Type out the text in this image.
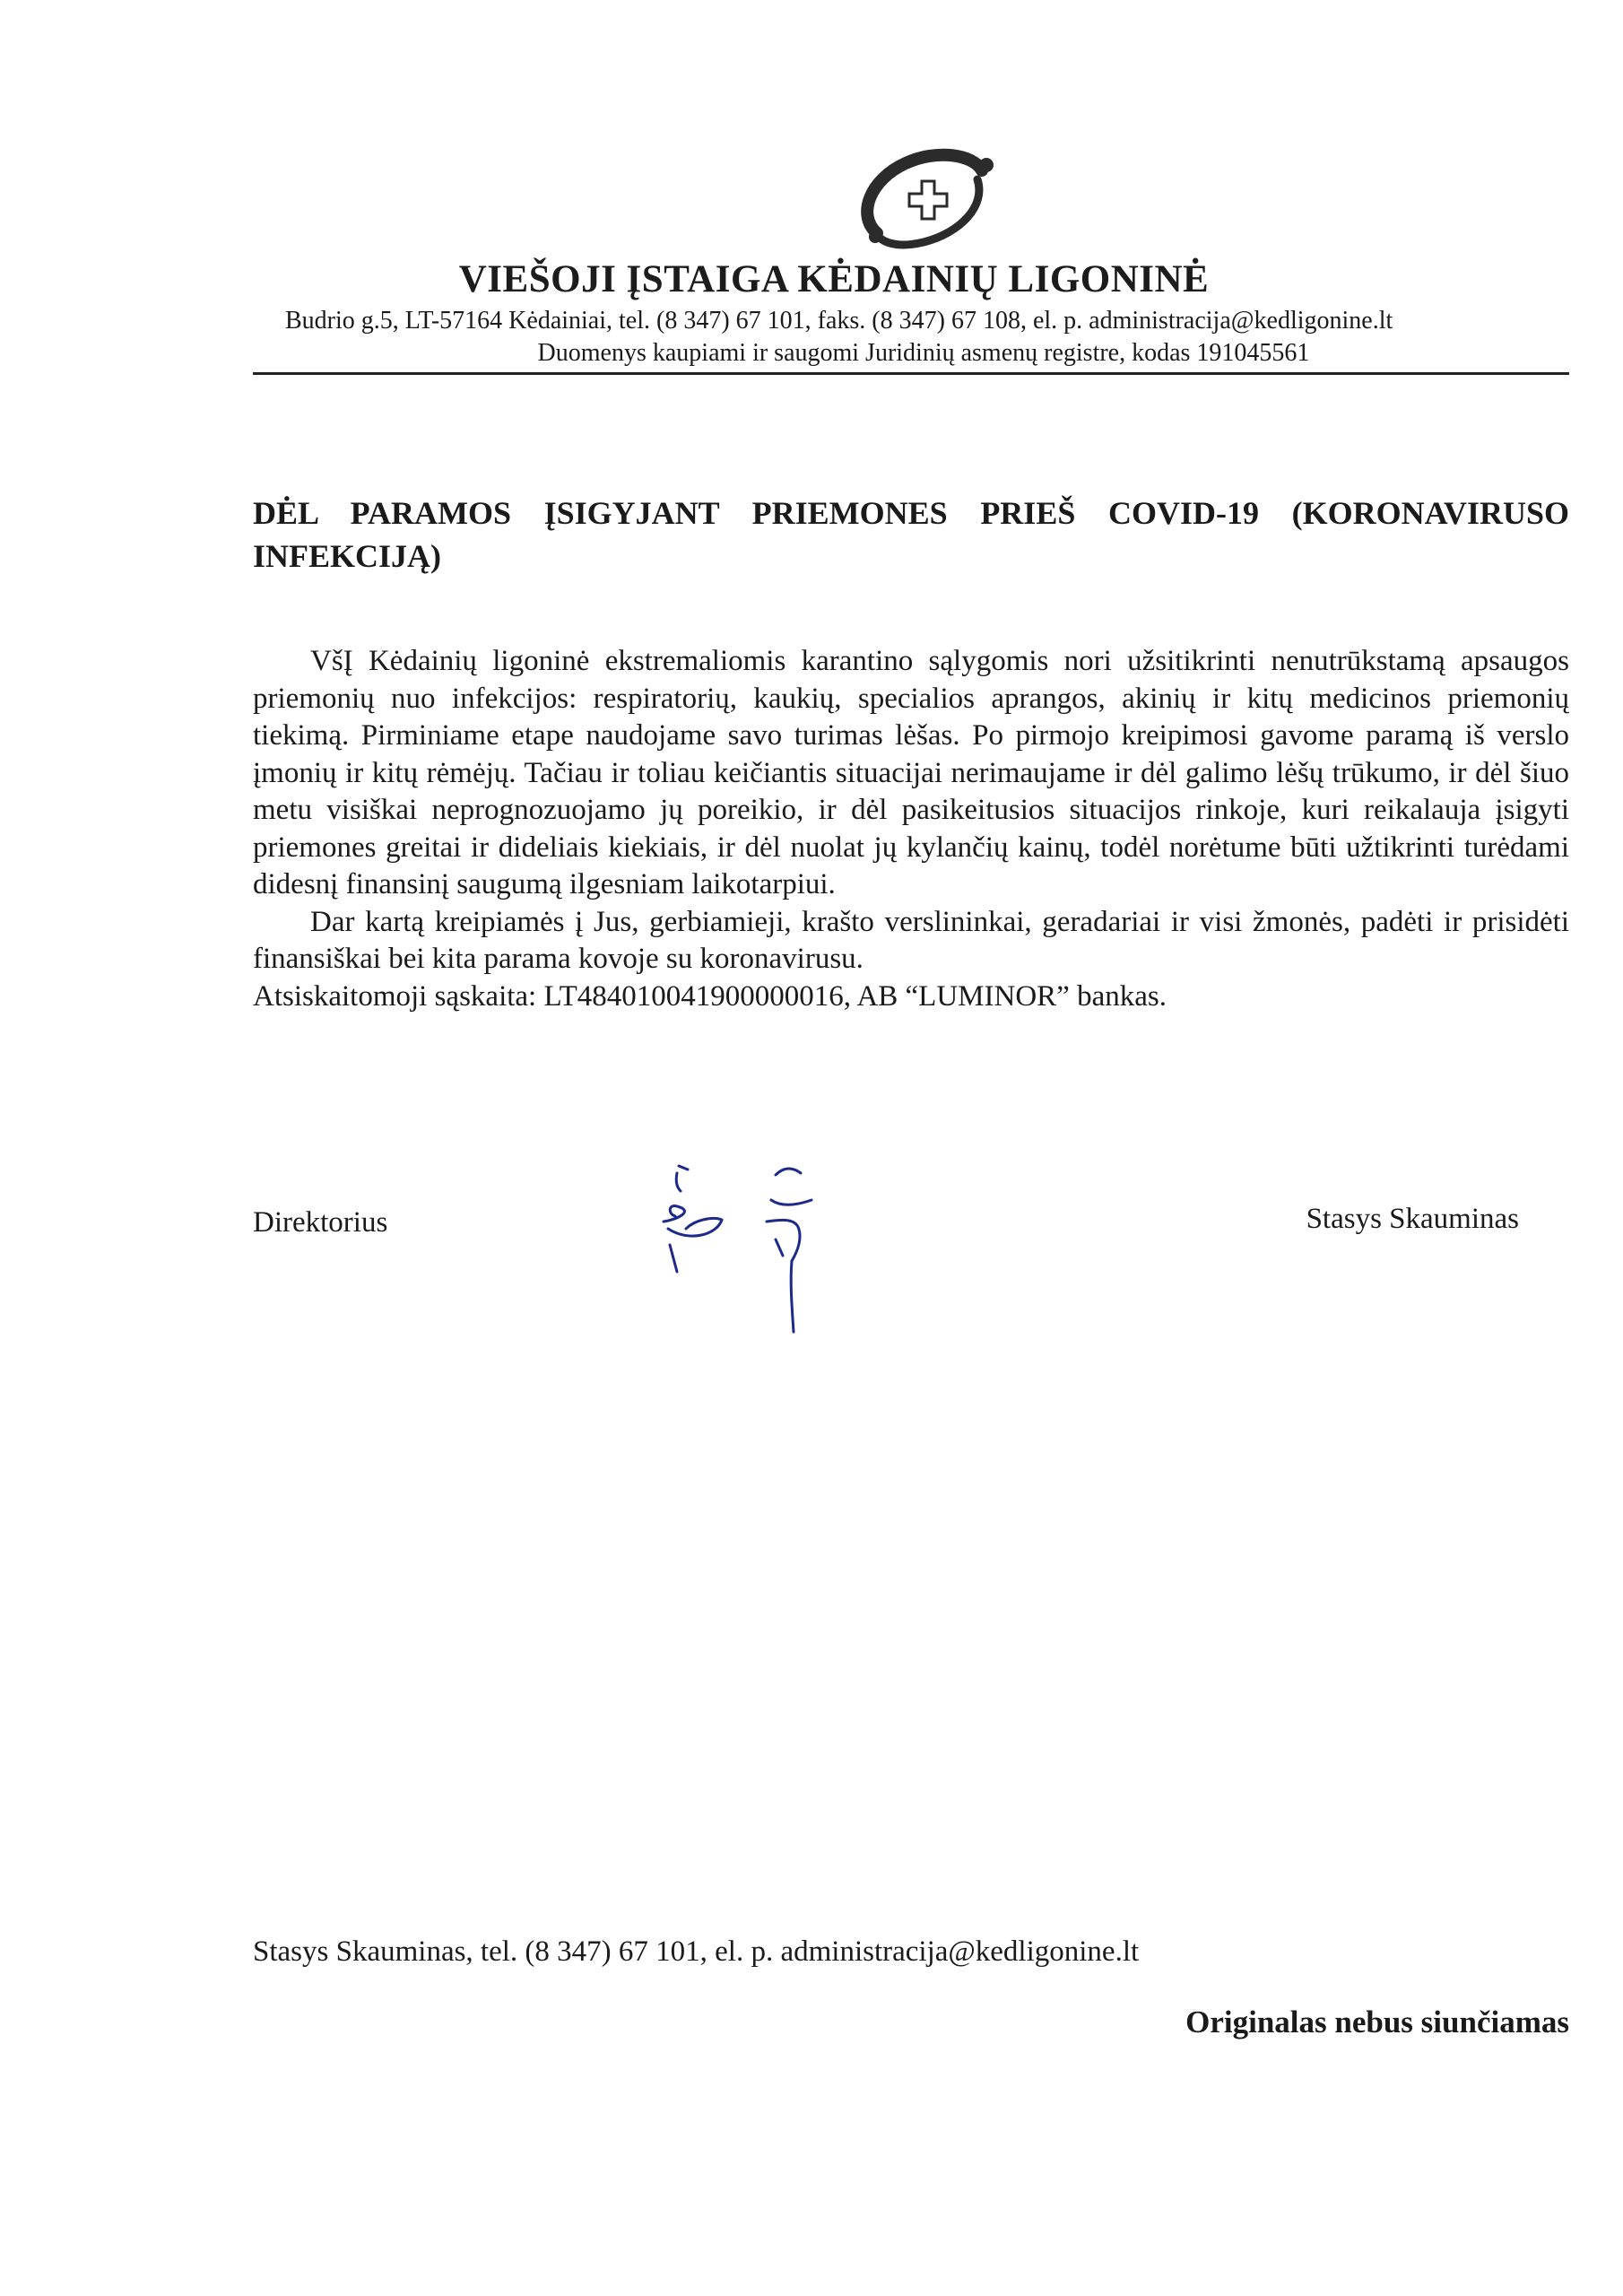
VIEŠOJI ĮSTAIGA KĖDAINIŲ LIGONINĖ
Budrio g.5, LT-57164 Kėdainiai, tel. (8 347) 67 101, faks. (8 347) 67 108, el. p. administracija@kedligonine.lt
Duomenys kaupiami ir saugomi Juridinių asmenų registre, kodas 191045561
DĖL PARAMOS ĮSIGYJANT PRIEMONES PRIEŠ COVID-19 (KORONAVIRUSO INFEKCIJĄ)

VšĮ Kėdainių ligoninė ekstremaliomis karantino sąlygomis nori užsitikrinti nenutrūkstamą apsaugos priemonių nuo infekcijos: respiratorių, kaukių, specialios aprangos, akinių ir kitų medicinos priemonių tiekimą. Pirminiame etape naudojame savo turimas lėšas. Po pirmojo kreipimosi gavome paramą iš verslo įmonių ir kitų rėmėjų. Tačiau ir toliau keičiantis situacijai nerimaujame ir dėl galimo lėšų trūkumo, ir dėl šiuo metu visiškai neprognozuojamo jų poreikio, ir dėl pasikeitusios situacijos rinkoje, kuri reikalauja įsigyti priemones greitai ir dideliais kiekiais, ir dėl nuolat jų kylančių kainų, todėl norėtume būti užtikrinti turėdami didesnį finansinį saugumą ilgesniam laikotarpiui.

Dar kartą kreipiamės į Jus, gerbiamieji, krašto verslininkai, geradariai ir visi žmonės, padėti ir prisidėti finansiškai bei kita parama kovoje su koronavirusu.

Atsiskaitomoji sąskaita: LT484010041900000016, AB “LUMINOR” bankas.

Direktorius	Stasys Skauminas
Stasys Skauminas, tel. (8 347) 67 101, el. p. administracija@kedligonine.lt
Originalas nebus siunčiamas
